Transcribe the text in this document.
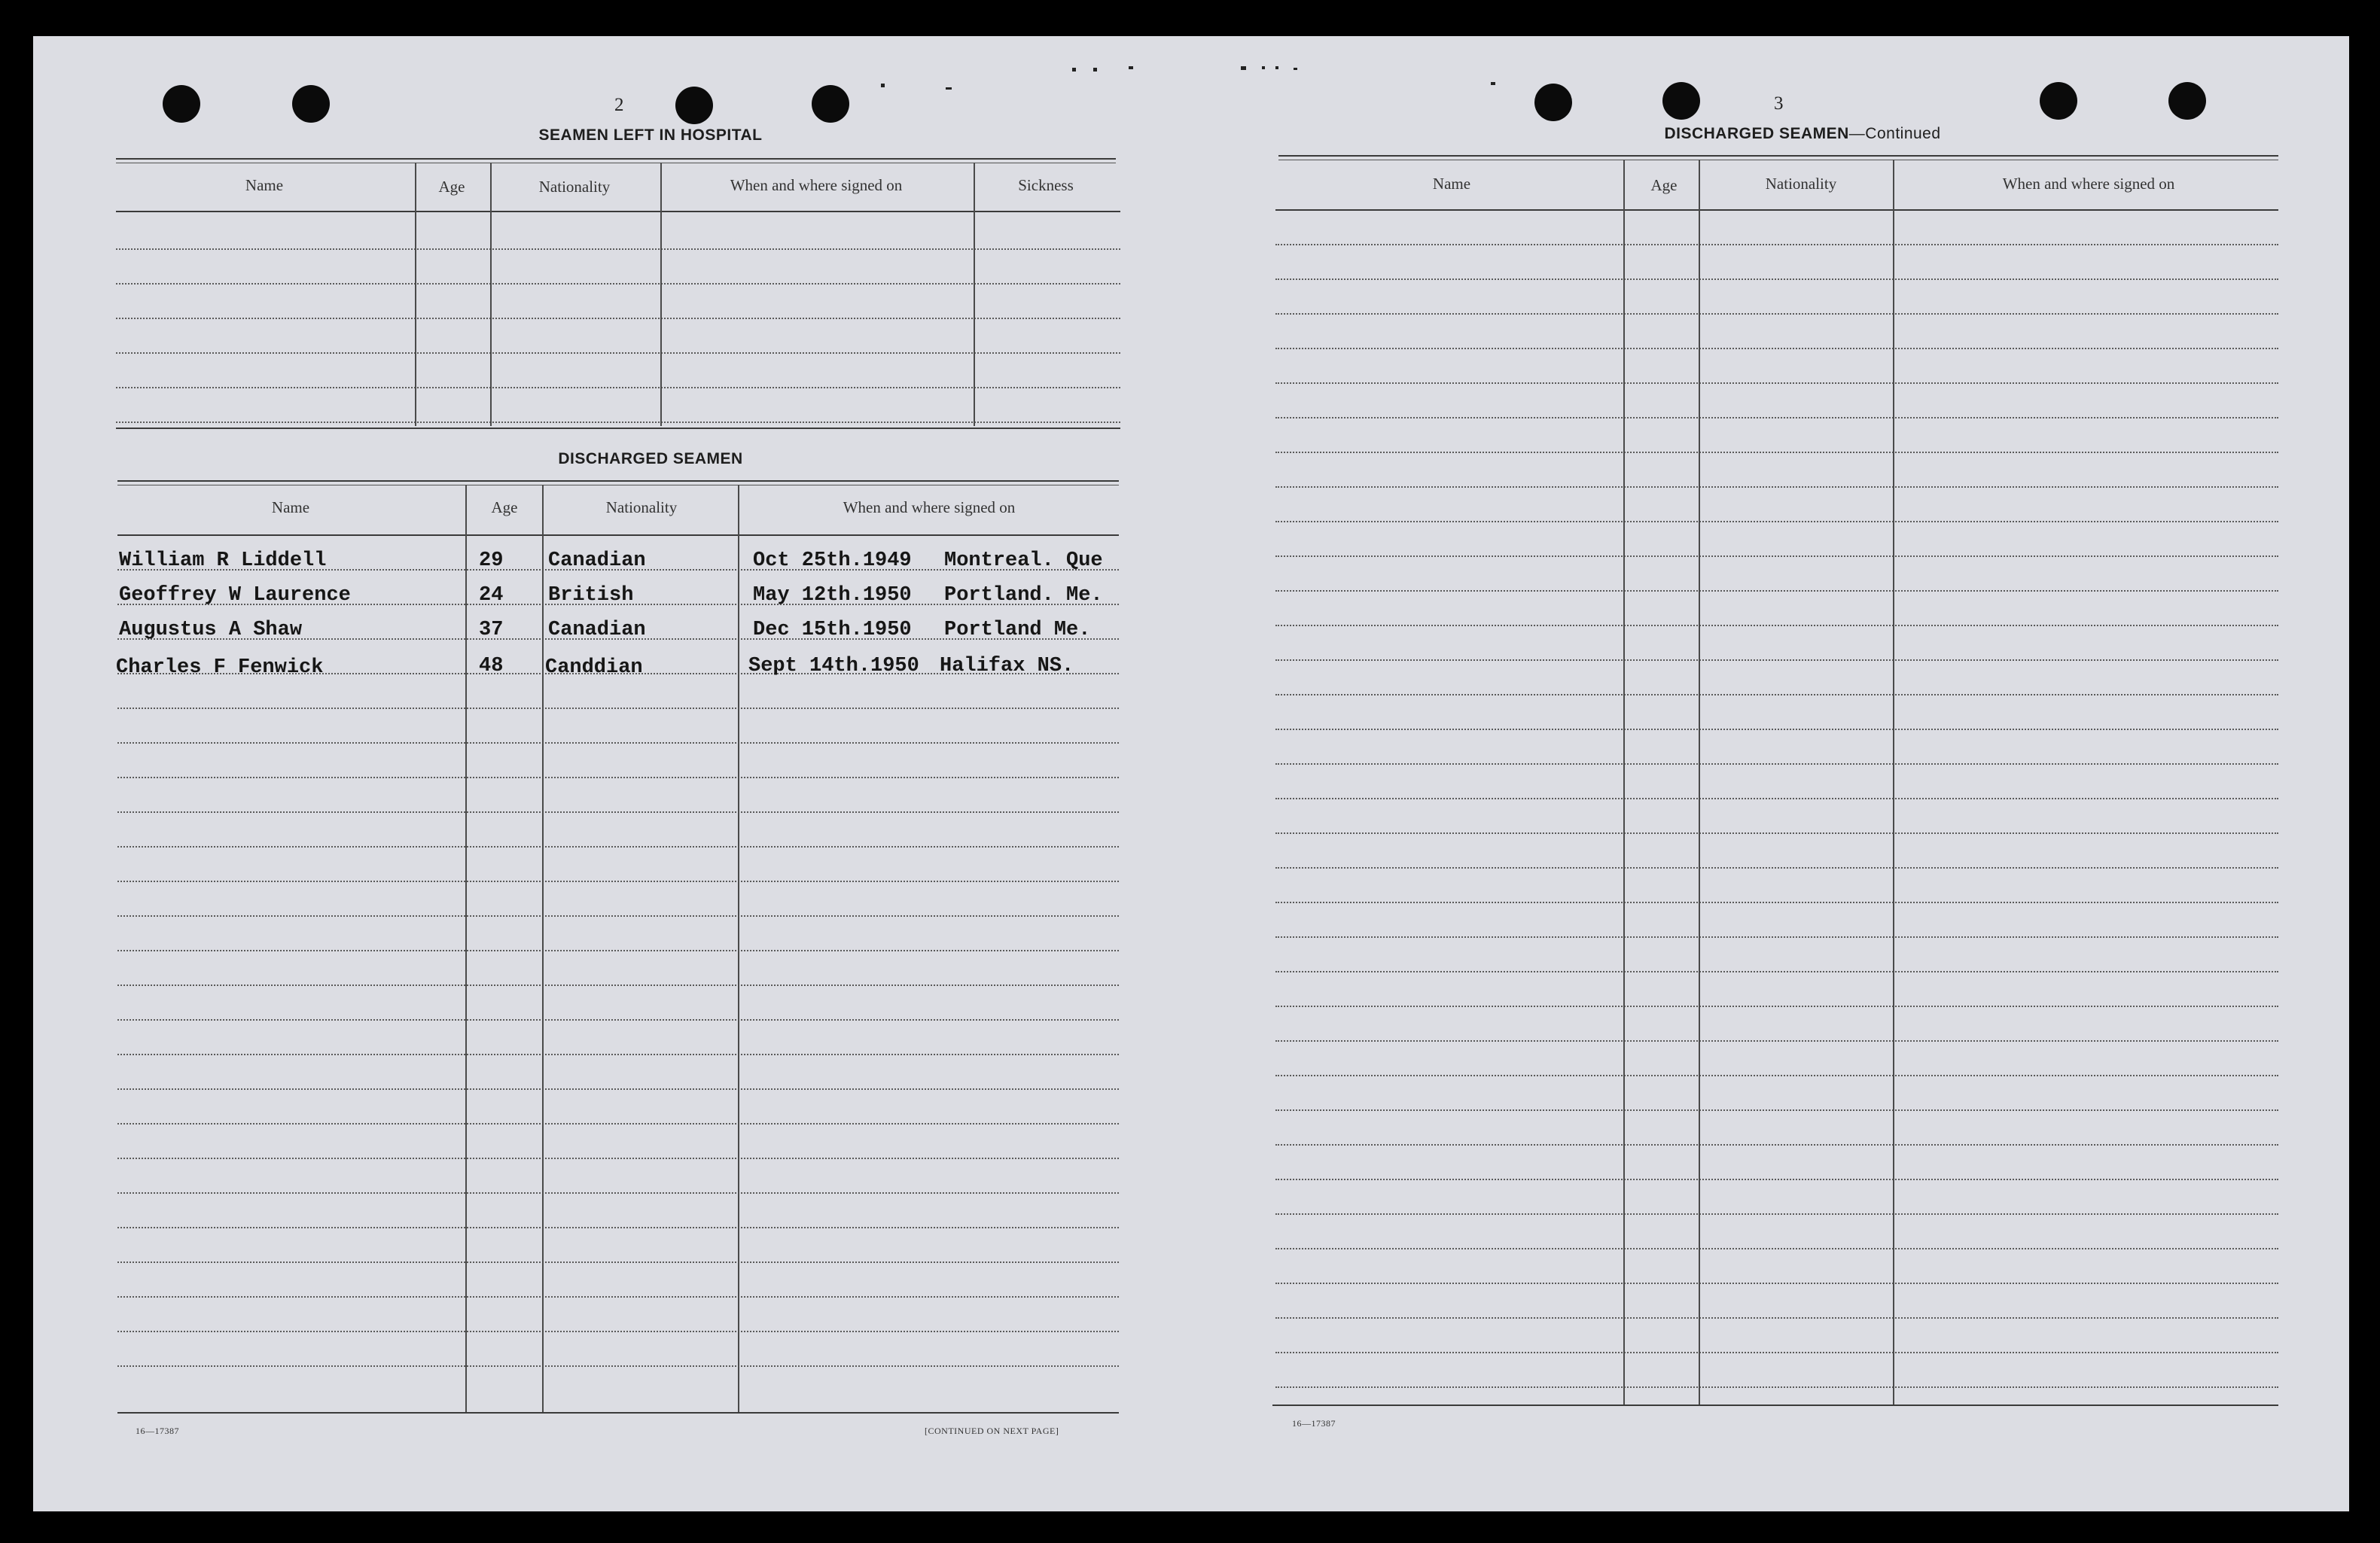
2
SEAMEN LEFT IN HOSPITAL
Name	Age	Nationality	When and where signed on	Sickness
DISCHARGED SEAMEN
Name	Age	Nationality	When and where signed on
William R Liddell	29 Canadian	Oct 25th.1949 Montreal. Que
Geoffrey W Laurence	24 British	May 12th.1950 Portland. Me.
Augustus A Shaw	37 Canadian	Dec 15th.1950 Portland Me.
Charles F Fenwick	48 Canddian	Sept 14th.1950 Halifax NS.
16—17387	[CONTINUED ON NEXT PAGE]
3
DISCHARGED SEAMEN—Continued
Name	Age	Nationality	When and where signed on
16—17387
